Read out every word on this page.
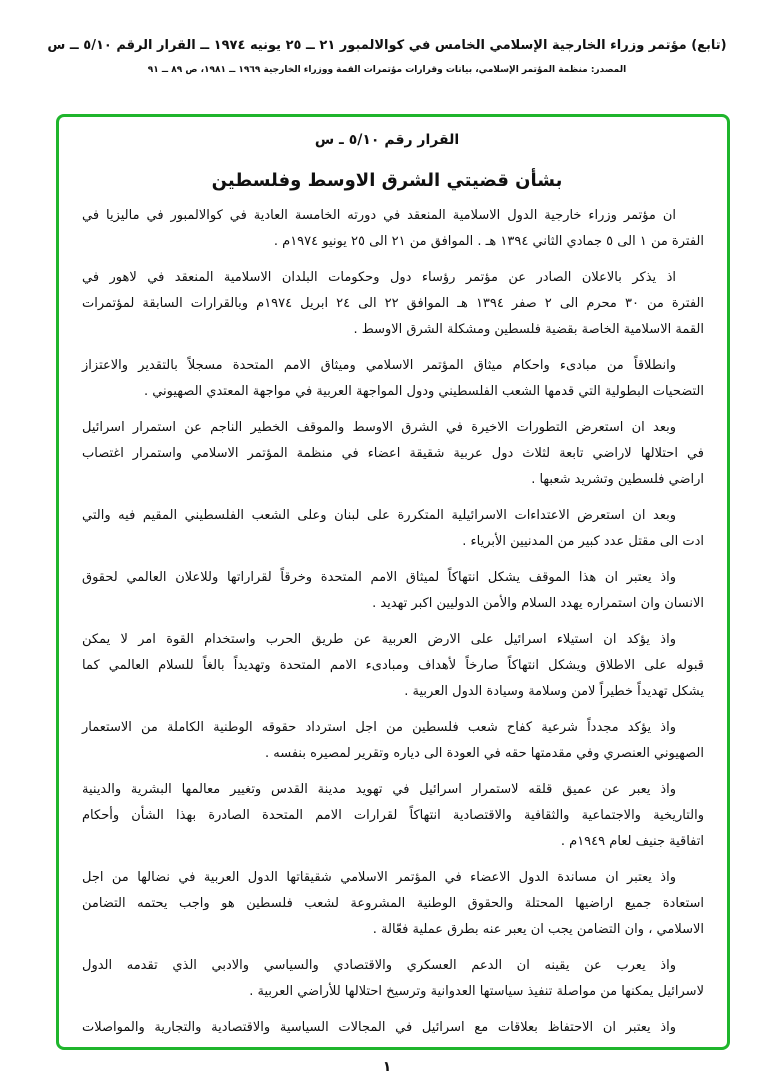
(تابع) مؤتمر وزراء الخارجية الإسلامي الخامس في كوالالمبور ٢١ ــ ٢٥ يونيه ١٩٧٤ ــ القرار الرقم ٥/١٠ ــ س
المصدر: منظمة المؤتمر الإسلامي، بيانات وقرارات مؤتمرات القمة ووزراء الخارجية ١٩٦٩ ــ ١٩٨١، ص ٨٩ ــ ٩١
القرار رقم ٥/١٠ ـ س
بشأن قضيتي الشرق الاوسط وفلسطين
ان مؤتمر وزراء خارجية الدول الاسلامية المنعقد في دورته الخامسة العادية في كوالالمبور في ماليزيا في
الفترة من ١ الى ٥ جمادي الثاني ١٣٩٤ هـ . الموافق من ٢١ الى ٢٥ يونيو ١٩٧٤م .
اذ يذكر بالاعلان الصادر عن مؤتمر رؤساء دول وحكومات البلدان الاسلامية المنعقد في لاهور في
الفترة من ٣٠ محرم الى ٢ صفر ١٣٩٤ هـ الموافق ٢٢ الى ٢٤ ابريل ١٩٧٤م وبالقرارات السابقة لمؤتمرات
القمة الاسلامية الخاصة بقضية فلسطين ومشكلة الشرق الاوسط .
وانطلاقاً من مبادىء واحكام ميثاق المؤتمر الاسلامي وميثاق الامم المتحدة مسجلاً بالتقدير والاعتزاز
التضحيات البطولية التي قدمها الشعب الفلسطيني ودول المواجهة العربية في مواجهة المعتدي الصهيوني .
وبعد ان استعرض التطورات الاخيرة في الشرق الاوسط والموقف الخطير الناجم عن استمرار اسرائيل
في احتلالها لاراضي تابعة لثلاث دول عربية شقيقة اعضاء في منظمة المؤتمر الاسلامي واستمرار اغتصاب
اراضي فلسطين وتشريد شعبها .
وبعد ان استعرض الاعتداءات الاسرائيلية المتكررة على لبنان وعلى الشعب الفلسطيني المقيم فيه والتي
ادت الى مقتل عدد كبير من المدنيين الأبرياء .
واذ يعتبر ان هذا الموقف يشكل انتهاكاً لميثاق الامم المتحدة وخرقاً لقراراتها وللاعلان العالمي لحقوق
الانسان وان استمراره يهدد السلام والأمن الدوليين اكبر تهديد .
واذ يؤكد ان استيلاء اسرائيل على الارض العربية عن طريق الحرب واستخدام القوة امر لا يمكن
قبوله على الاطلاق ويشكل انتهاكاً صارخاً لأهداف ومبادىء الامم المتحدة وتهديداً بالغاً للسلام العالمي كما
يشكل تهديداً خطيراً لامن وسلامة وسيادة الدول العربية .
واذ يؤكد مجدداً شرعية كفاح شعب فلسطين من اجل استرداد حقوقه الوطنية الكاملة من الاستعمار
الصهيوني العنصري وفي مقدمتها حقه في العودة الى دياره وتقرير لمصيره بنفسه .
واذ يعبر عن عميق قلقه لاستمرار اسرائيل في تهويد مدينة القدس وتغيير معالمها البشرية والدينية
والتاريخية والاجتماعية والثقافية والاقتصادية انتهاكاً لقرارات الامم المتحدة الصادرة بهذا الشأن وأحكام
اتفاقية جنيف لعام ١٩٤٩م .
واذ يعتبر ان مساندة الدول الاعضاء في المؤتمر الاسلامي شقيقاتها الدول العربية في نضالها من اجل
استعادة جميع اراضيها المحتلة والحقوق الوطنية المشروعة لشعب فلسطين هو واجب يحتمه التضامن
الاسلامي ، وان التضامن يجب ان يعبر عنه بطرق عملية فعّالة .
واذ يعرب عن يقينه ان الدعم العسكري والاقتصادي والسياسي والادبي الذي تقدمه الدول
لاسرائيل يمكنها من مواصلة تنفيذ سياستها العدوانية وترسيخ احتلالها للأراضي العربية .
واذ يعتبر ان الاحتفاظ بعلاقات مع اسرائيل في المجالات السياسية والاقتصادية والتجارية والمواصلات
١
